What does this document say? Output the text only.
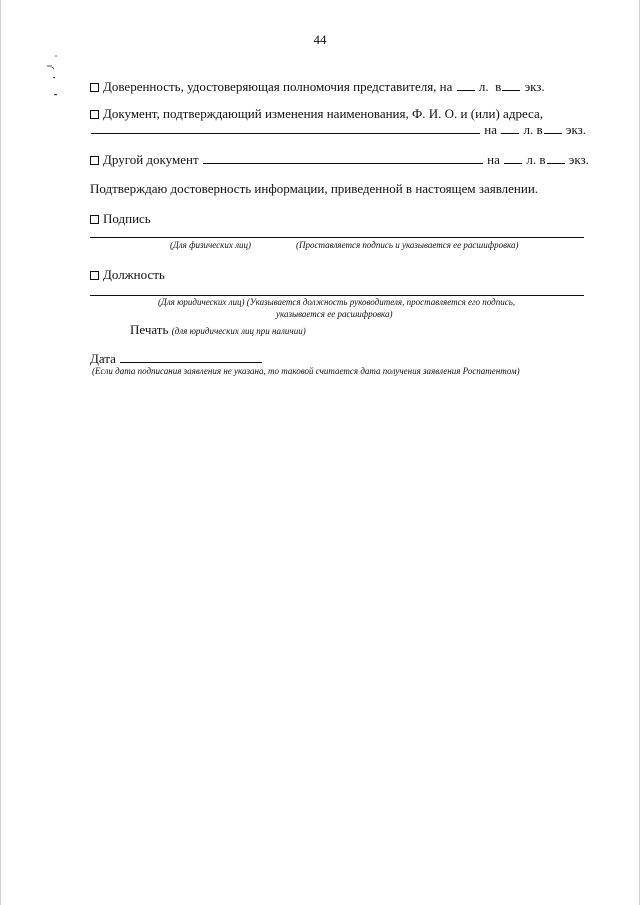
44
Доверенность, удостоверяющая полномочия представителя, на л. в экз.
Документ, подтверждающий изменения наименования, Ф. И. О. и (или) адреса,
на л. в экз.
Другой документ	на л. в экз.
Подтверждаю достоверность информации, приведенной в настоящем заявлении.
Подпись
(Для физических лиц)	(Проставляется подпись и указывается ее расшифровка)
Должность
(Для юридических лиц) (Указывается должность руководителя, проставляется его подпись,
указывается ее расшифровка)
Печать (для юридических лиц при наличии)
Дата
(Если дата подписания заявления не указана, то таковой считается дата получения заявления Роспатентом)
